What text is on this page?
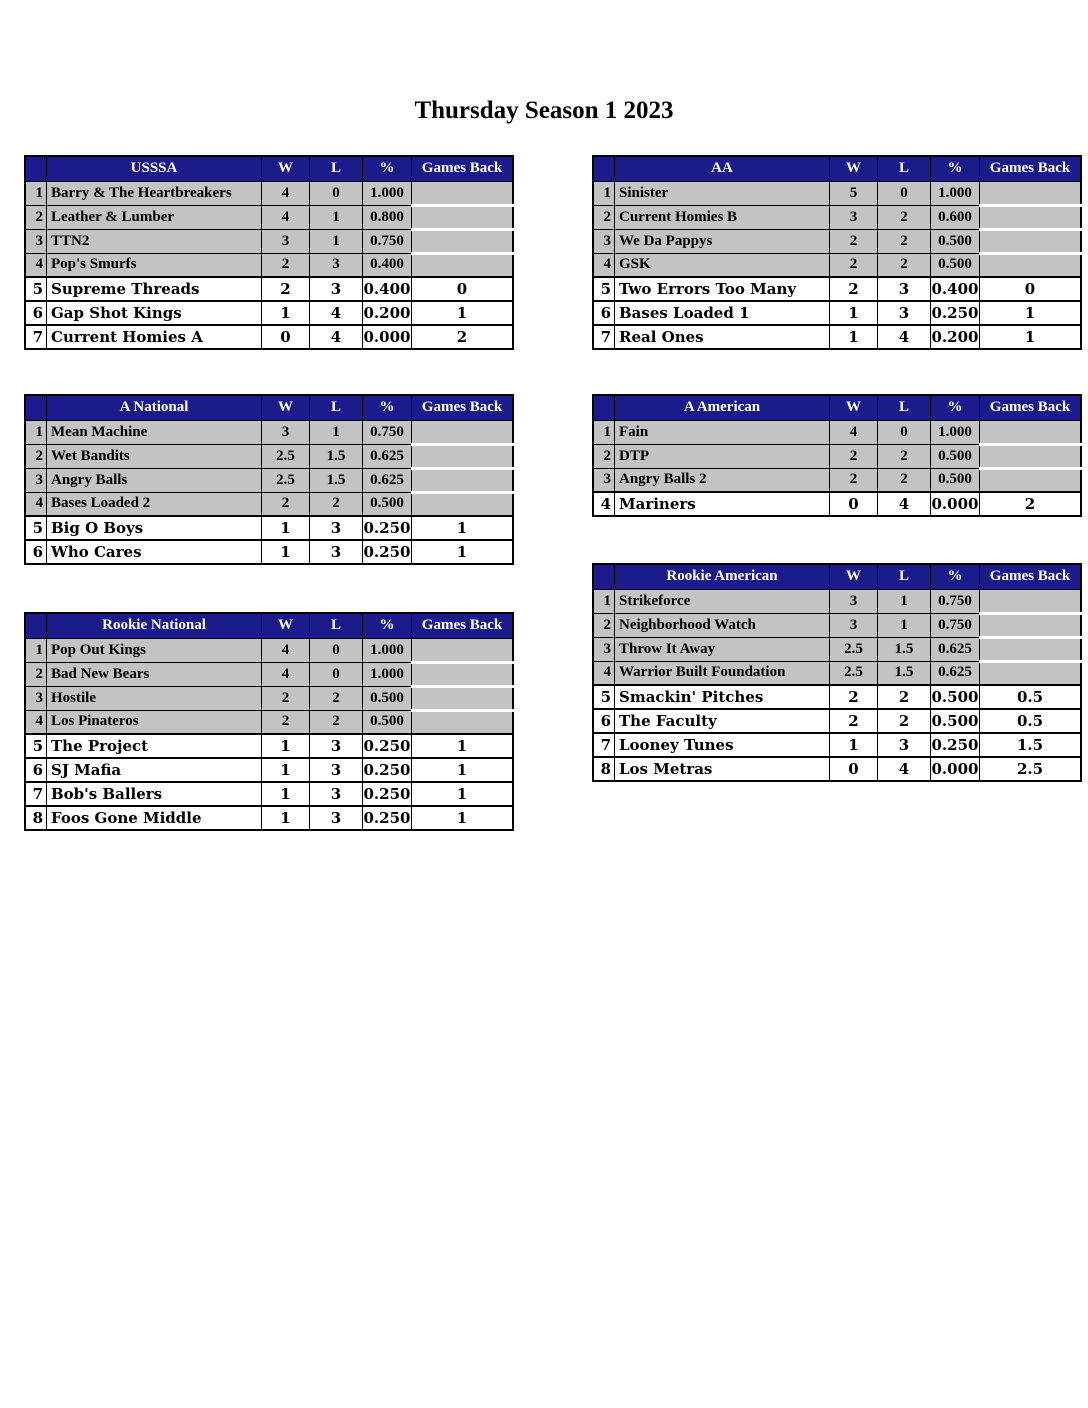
Thursday Season 1 2023
	USSSA	W	L	%	Games Back
1	Barry & The Heartbreakers	4	0	1.000	
2	Leather & Lumber	4	1	0.800	
3	TTN2	3	1	0.750	
4	Pop's Smurfs	2	3	0.400	
5	Supreme Threads	2	3	0.400	0
6	Gap Shot Kings	1	4	0.200	1
7	Current Homies A	0	4	0.000	2
	AA	W	L	%	Games Back
1	Sinister	5	0	1.000	
2	Current Homies B	3	2	0.600	
3	We Da Pappys	2	2	0.500	
4	GSK	2	2	0.500	
5	Two Errors Too Many	2	3	0.400	0
6	Bases Loaded 1	1	3	0.250	1
7	Real Ones	1	4	0.200	1
	A National	W	L	%	Games Back
1	Mean Machine	3	1	0.750	
2	Wet Bandits	2.5	1.5	0.625	
3	Angry Balls	2.5	1.5	0.625	
4	Bases Loaded 2	2	2	0.500	
5	Big O Boys	1	3	0.250	1
6	Who Cares	1	3	0.250	1
	A American	W	L	%	Games Back
1	Fain	4	0	1.000	
2	DTP	2	2	0.500	
3	Angry Balls 2	2	2	0.500	
4	Mariners	0	4	0.000	2
	Rookie National	W	L	%	Games Back
1	Pop Out Kings	4	0	1.000	
2	Bad New Bears	4	0	1.000	
3	Hostile	2	2	0.500	
4	Los Pinateros	2	2	0.500	
5	The Project	1	3	0.250	1
6	SJ Mafia	1	3	0.250	1
7	Bob's Ballers	1	3	0.250	1
8	Foos Gone Middle	1	3	0.250	1
	Rookie American	W	L	%	Games Back
1	Strikeforce	3	1	0.750	
2	Neighborhood Watch	3	1	0.750	
3	Throw It Away	2.5	1.5	0.625	
4	Warrior Built Foundation	2.5	1.5	0.625	
5	Smackin' Pitches	2	2	0.500	0.5
6	The Faculty	2	2	0.500	0.5
7	Looney Tunes	1	3	0.250	1.5
8	Los Metras	0	4	0.000	2.5
